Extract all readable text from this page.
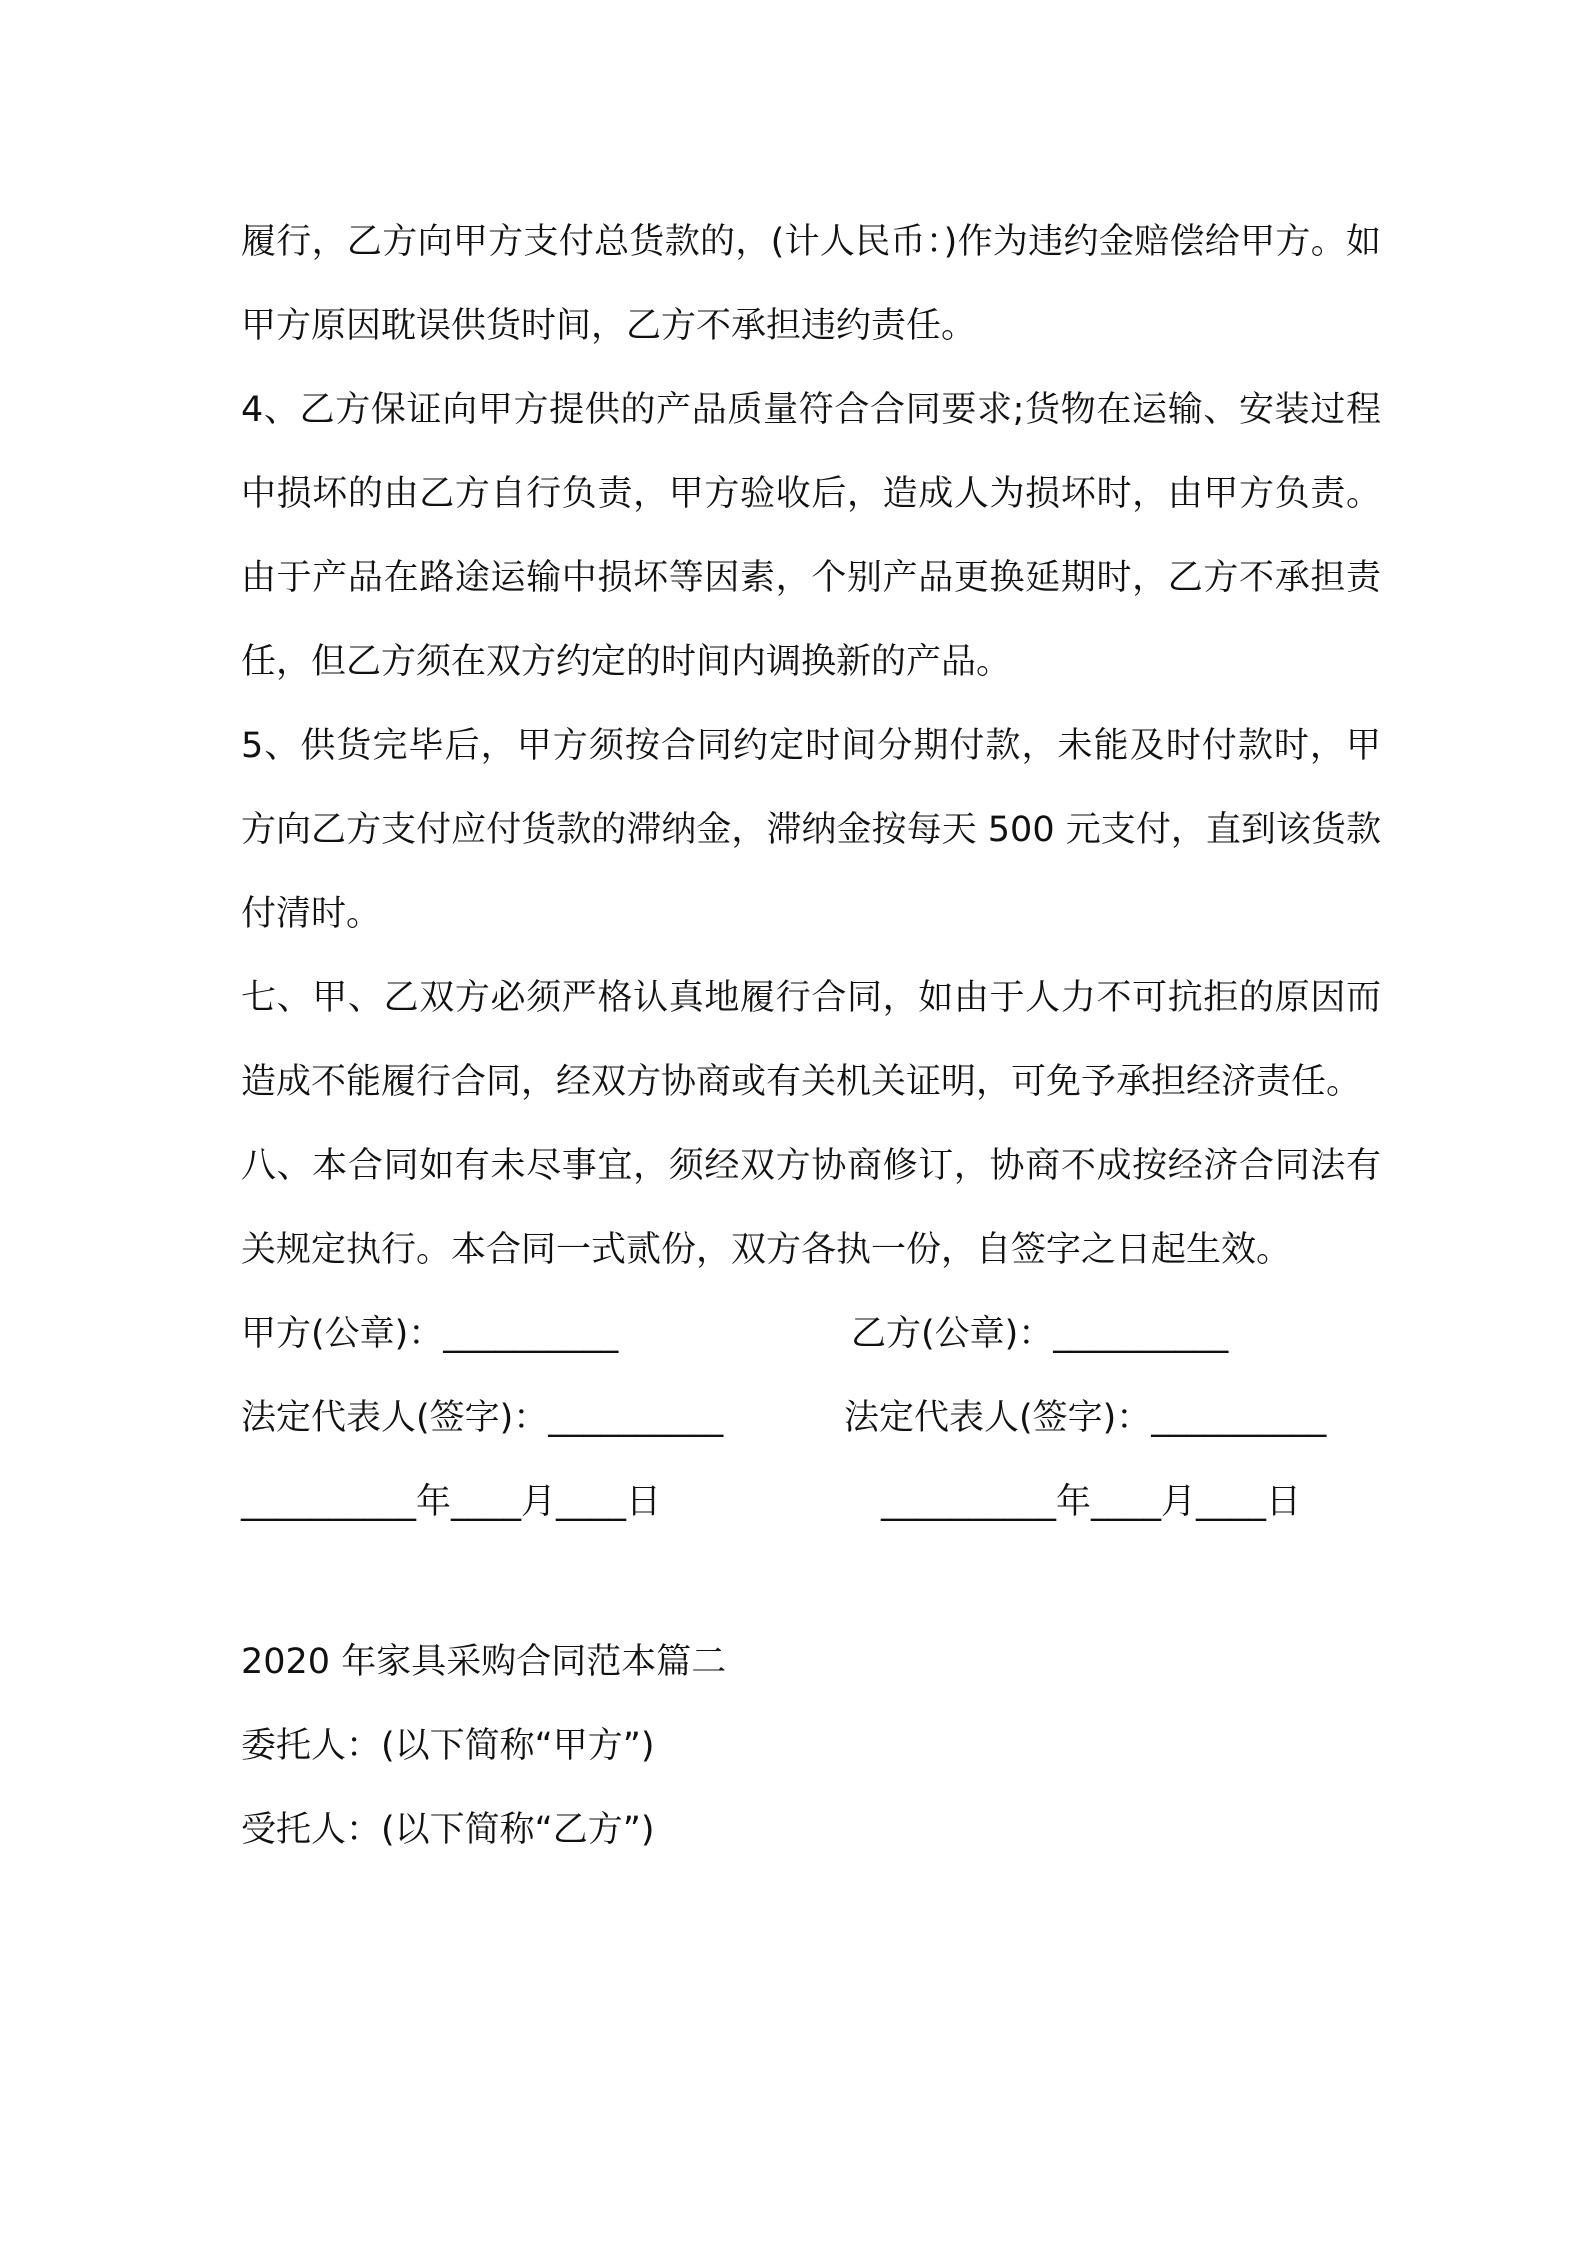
履行，乙方向甲方支付总货款的，(计人民币：)作为违约金赔偿给甲方。如甲方原因耽误供货时间，乙方不承担违约责任。

4、乙方保证向甲方提供的产品质量符合合同要求;货物在运输、安装过程中损坏的由乙方自行负责，甲方验收后，造成人为损坏时，由甲方负责。由于产品在路途运输中损坏等因素，个别产品更换延期时，乙方不承担责任，但乙方须在双方约定的时间内调换新的产品。

5、供货完毕后，甲方须按合同约定时间分期付款，未能及时付款时，甲方向乙方支付应付货款的滞纳金，滞纳金按每天 500 元支付，直到该货款付清时。

七、甲、乙双方必须严格认真地履行合同，如由于人力不可抗拒的原因而造成不能履行合同，经双方协商或有关机关证明，可免予承担经济责任。

八、本合同如有未尽事宜，须经双方协商修订，协商不成按经济合同法有关规定执行。本合同一式贰份，双方各执一份，自签字之日起生效。

甲方(公章)：__________	乙方(公章)：__________
法定代表人(签字)：__________	法定代表人(签字)：__________
__________年____月____日	__________年____月____日

2020 年家具采购合同范本篇二

委托人：(以下简称“甲方”)

受托人：(以下简称“乙方”)
